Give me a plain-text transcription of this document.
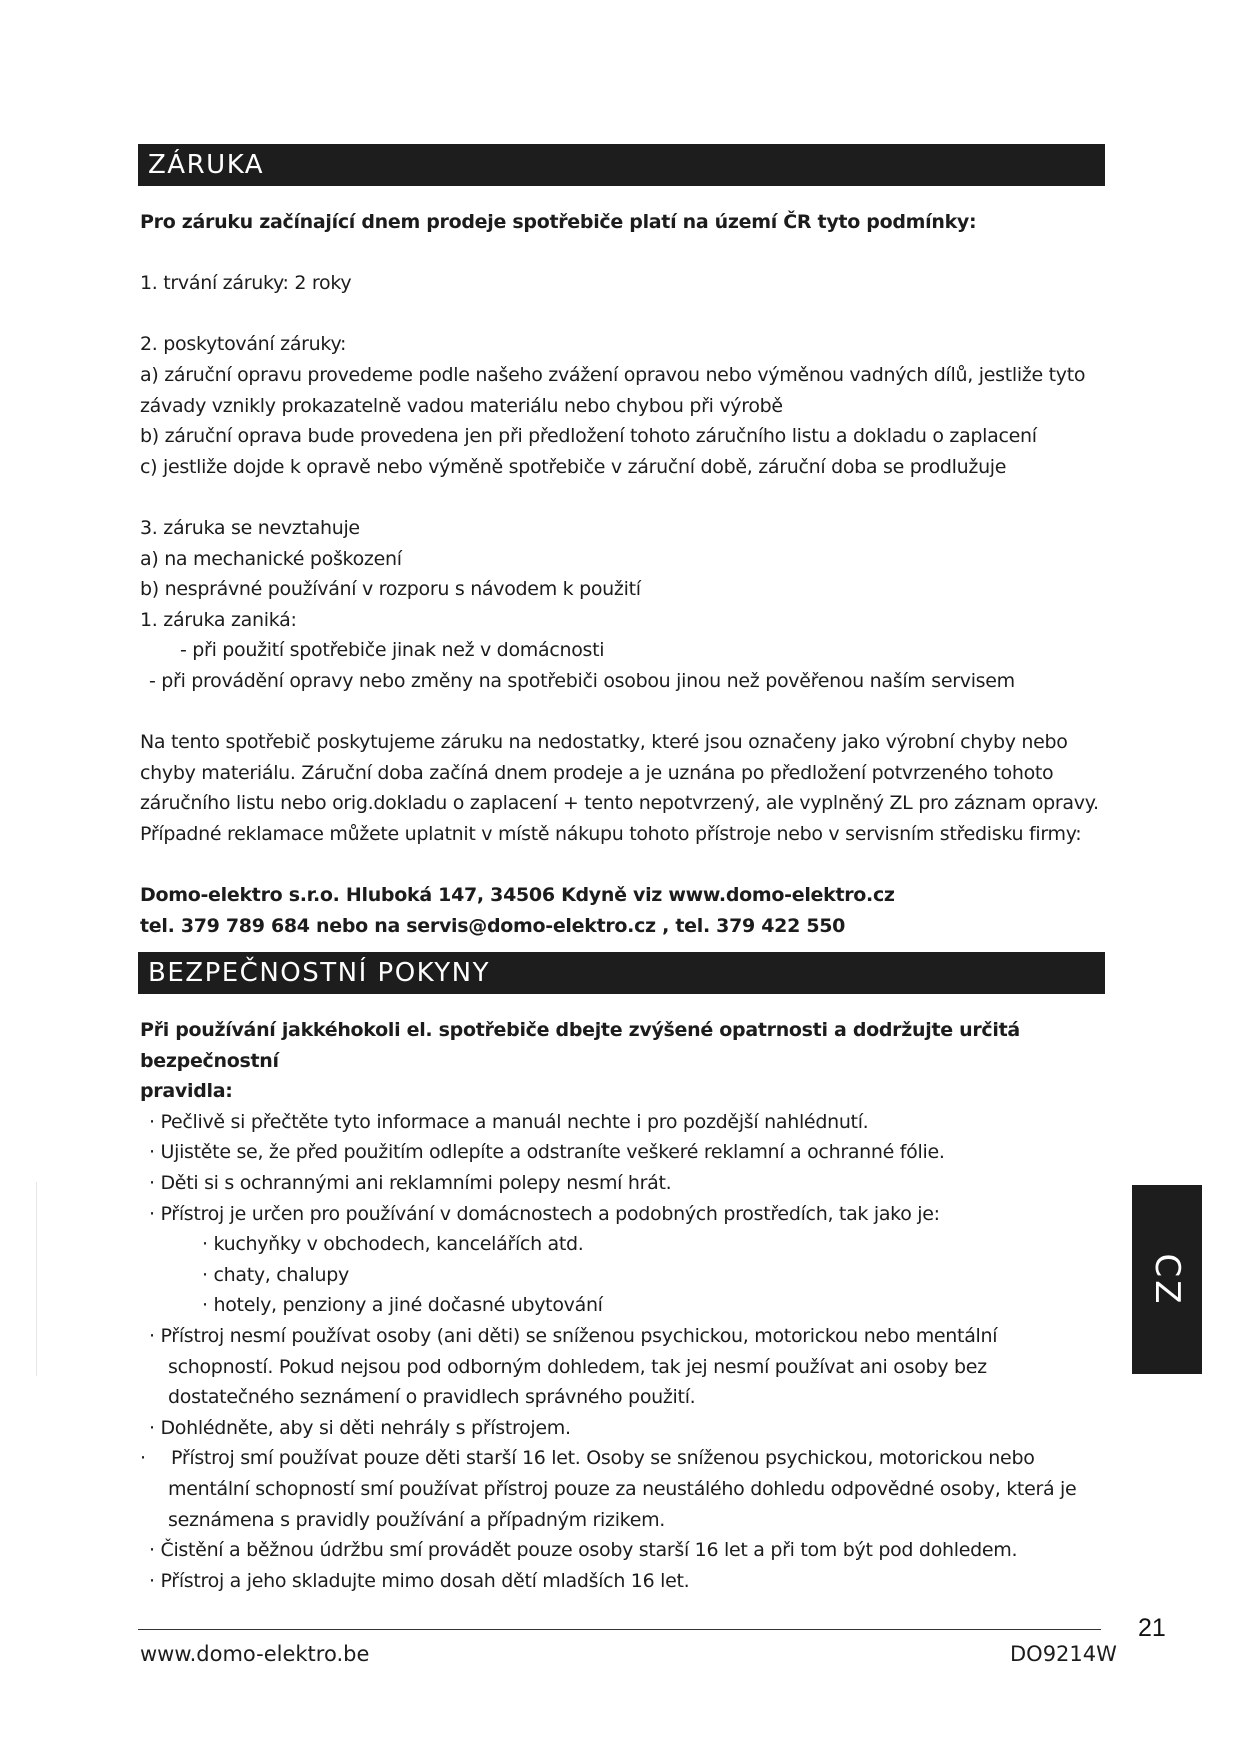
ZÁRUKA
Pro záruku začínající dnem prodeje spotřebiče platí na území ČR tyto podmínky:
1. trvání záruky: 2 roky
2. poskytování záruky:
a) záruční opravu provedeme podle našeho zvážení opravou nebo výměnou vadných dílů, jestliže tyto
závady vznikly prokazatelně vadou materiálu nebo chybou při výrobě
b) záruční oprava bude provedena jen při předložení tohoto záručního listu a dokladu o zaplacení
c) jestliže dojde k opravě nebo výměně spotřebiče v záruční době, záruční doba se prodlužuje
3. záruka se nevztahuje
a) na mechanické poškození
b) nesprávné používání v rozporu s návodem k použití
1. záruka zaniká:
- při použití spotřebiče jinak než v domácnosti
- při provádění opravy nebo změny na spotřebiči osobou jinou než pověřenou naším servisem
Na tento spotřebič poskytujeme záruku na nedostatky, které jsou označeny jako výrobní chyby nebo
chyby materiálu. Záruční doba začíná dnem prodeje a je uznána po předložení potvrzeného tohoto
záručního listu nebo orig.dokladu o zaplacení + tento nepotvrzený, ale vyplněný ZL pro záznam opravy.
Případné reklamace můžete uplatnit v místě nákupu tohoto přístroje nebo v servisním středisku firmy:
Domo-elektro s.r.o. Hluboká 147, 34506 Kdyně viz www.domo-elektro.cz
tel. 379 789 684 nebo na servis@domo-elektro.cz , tel. 379 422 550
BEZPEČNOSTNÍ POKYNY
Při používání jakkéhokoli el. spotřebiče dbejte zvýšené opatrnosti a dodržujte určitá bezpečnostní
pravidla:
· Pečlivě si přečtěte tyto informace a manuál nechte i pro pozdější nahlédnutí.
· Ujistěte se, že před použitím odlepíte a odstraníte veškeré reklamní a ochranné fólie.
· Děti si s ochrannými ani reklamními polepy nesmí hrát.
· Přístroj je určen pro používání v domácnostech a podobných prostředích, tak jako je:
· kuchyňky v obchodech, kancelářích atd.
· chaty, chalupy
· hotely, penziony a jiné dočasné ubytování
· Přístroj nesmí používat osoby (ani děti) se sníženou psychickou, motorickou nebo mentální
schopností. Pokud nejsou pod odborným dohledem, tak jej nesmí používat ani osoby bez
dostatečného seznámení o pravidlech správného použití.
· Dohlédněte, aby si děti nehrály s přístrojem.
·	Přístroj smí používat pouze děti starší 16 let. Osoby se sníženou psychickou, motorickou nebo
mentální schopností smí používat přístroj pouze za neustálého dohledu odpovědné osoby, která je
seznámena s pravidly používání a případným rizikem.
· Čistění a běžnou údržbu smí provádět pouze osoby starší 16 let a při tom být pod dohledem.
· Přístroj a jeho skladujte mimo dosah dětí mladších 16 let.
CZ
21
www.domo-elektro.be	DO9214W
